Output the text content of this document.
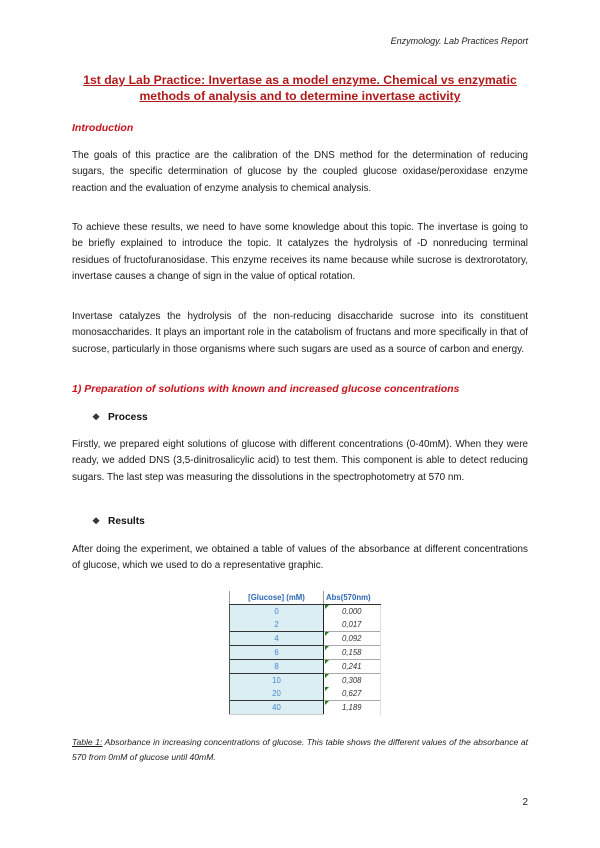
Enzymology. Lab Practices Report
1st day Lab Practice: Invertase as a model enzyme. Chemical vs enzymatic methods of analysis and to determine invertase activity
Introduction
The goals of this practice are the calibration of the DNS method for the determination of reducing sugars, the specific determination of glucose by the coupled glucose oxidase/peroxidase enzyme reaction and the evaluation of enzyme analysis to chemical analysis.
To achieve these results, we need to have some knowledge about this topic. The invertase is going to be briefly explained to introduce the topic. It catalyzes the hydrolysis of -D nonreducing terminal residues of fructofuranosidase. This enzyme receives its name because while sucrose is dextrorotatory, invertase causes a change of sign in the value of optical rotation.
Invertase catalyzes the hydrolysis of the non-reducing disaccharide sucrose into its constituent monosaccharides. It plays an important role in the catabolism of fructans and more specifically in that of sucrose, particularly in those organisms where such sugars are used as a source of carbon and energy.
1) Preparation of solutions with known and increased glucose concentrations
❖ Process
Firstly, we prepared eight solutions of glucose with different concentrations (0-40mM). When they were ready, we added DNS (3,5-dinitrosalicylic acid) to test them. This component is able to detect reducing sugars. The last step was measuring the dissolutions in the spectrophotometry at 570 nm.
❖ Results
After doing the experiment, we obtained a table of values of the absorbance at different concentrations of glucose, which we used to do a representative graphic.
[Glucose] (mM)	Abs(570nm)
0	0,000
2	0,017
4	0,092
6	0,158
8	0,241
10	0,308
20	0,627
40	1,189
Table 1: Absorbance in increasing concentrations of glucose. This table shows the different values of the absorbance at 570 from 0mM of glucose until 40mM.
2
